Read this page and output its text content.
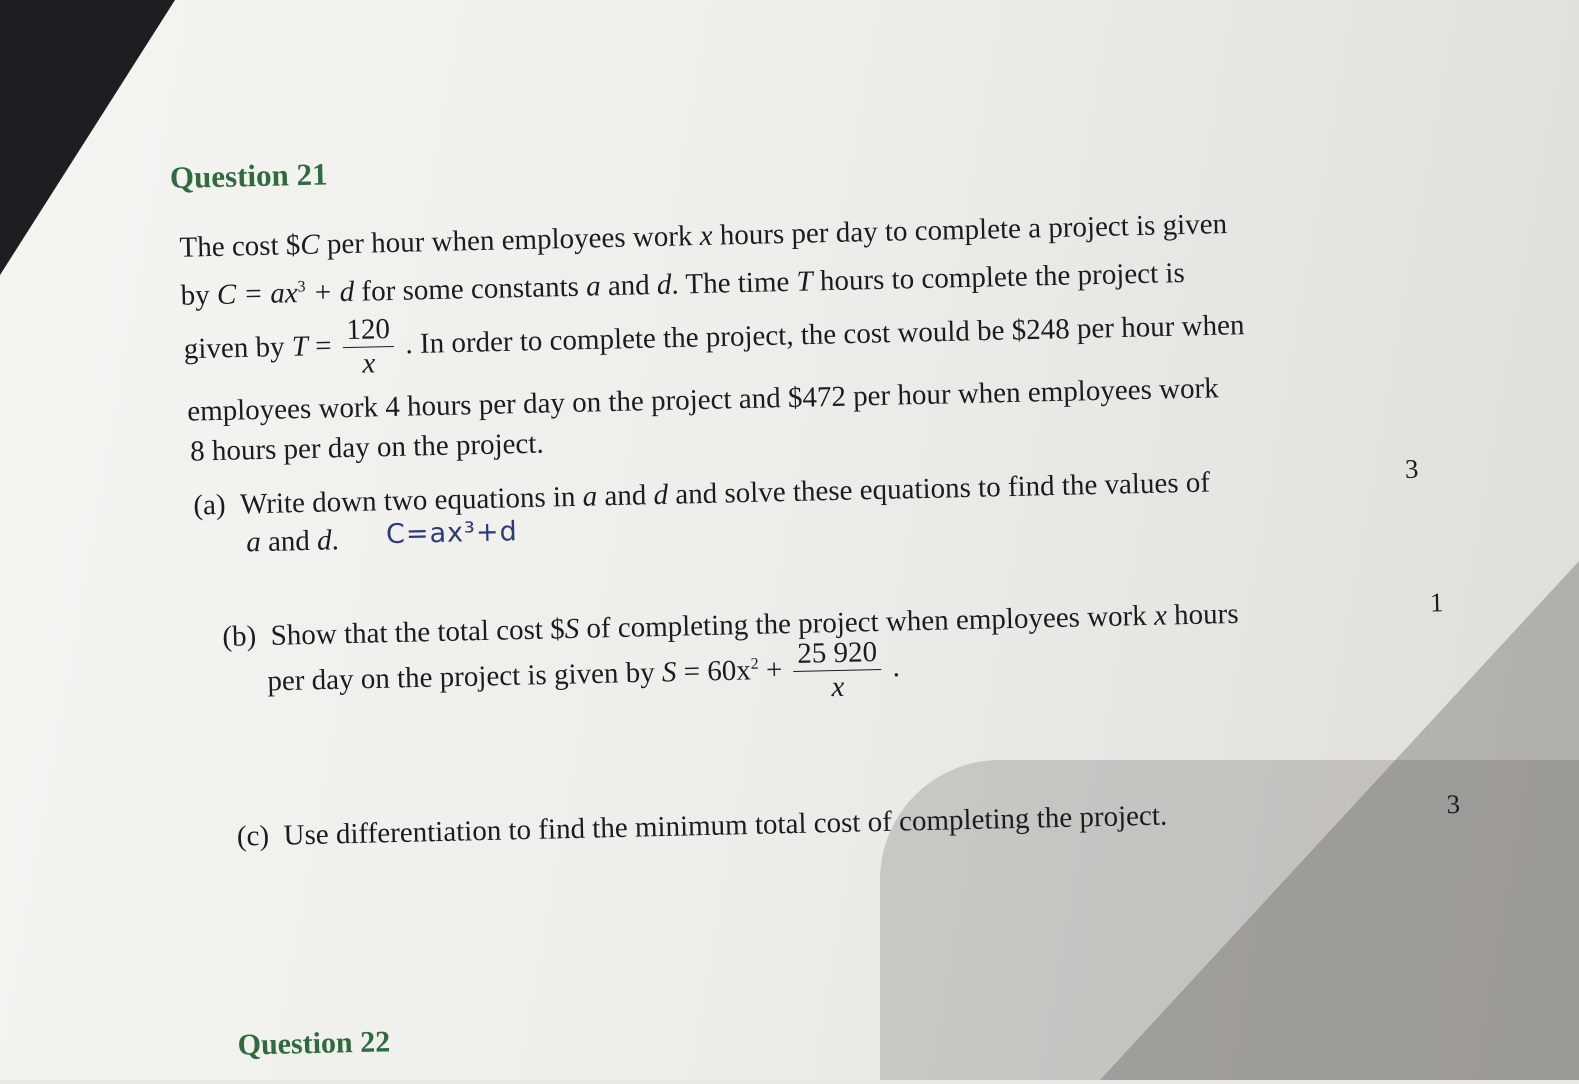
Question 21
The cost $C per hour when employees work x hours per day to complete a project is given
by $C = ax^3 + d$ for some constants a and d. The time T hours to complete the project is
given by $T = \frac{120}{x}$ . In order to complete the project, the cost would be $248 per hour when
employees work 4 hours per day on the project and $472 per hour when employees work
8 hours per day on the project.
(a) Write down two equations in a and d and solve these equations to find the values of
a and d. C=ax³+d
3
(b) Show that the total cost $S of completing the project when employees work x hours
per day on the project is given by $S = 60x^2 + \frac{25 920}{x}$ .
1
(c) Use differentiation to find the minimum total cost of completing the project.	3
Question 22
